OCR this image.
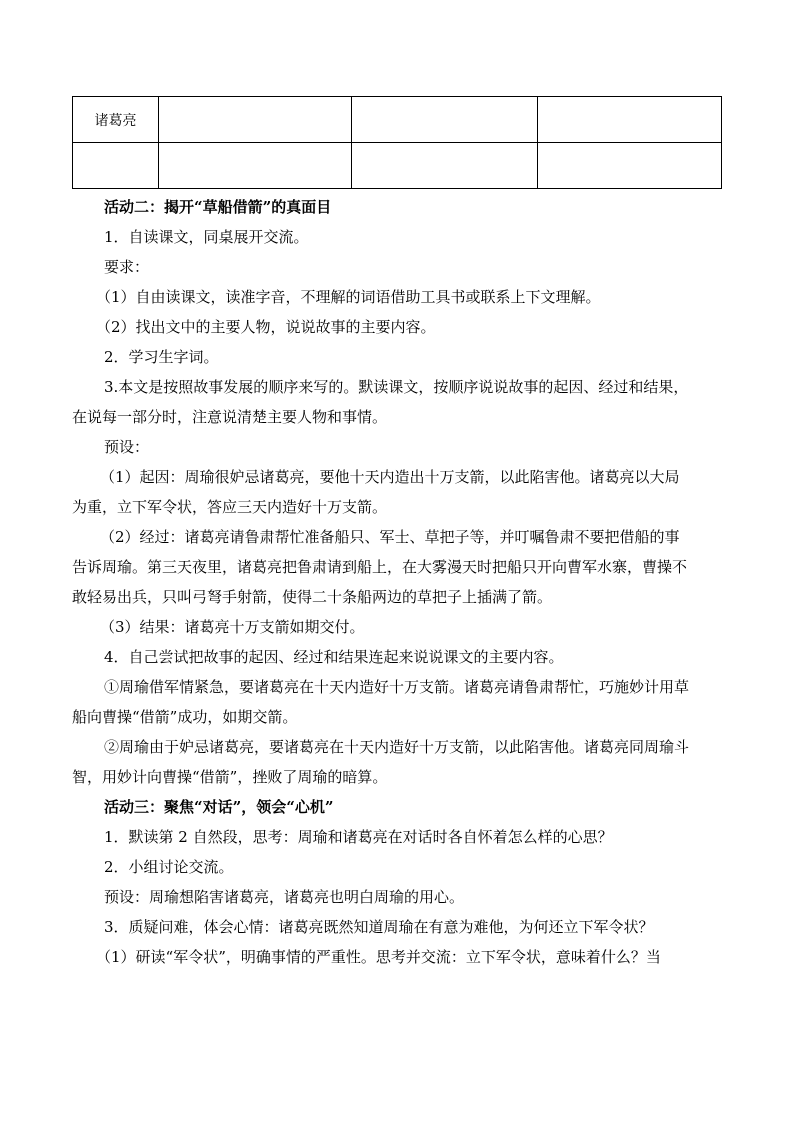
诸葛亮			

活动二：揭开“草船借箭”的真面目

1．自读课文，同桌展开交流。

要求：

（1）自由读课文，读准字音，不理解的词语借助工具书或联系上下文理解。

（2）找出文中的主要人物，说说故事的主要内容。

2．学习生字词。

3.本文是按照故事发展的顺序来写的。默读课文，按顺序说说故事的起因、经过和结果，

在说每一部分时，注意说清楚主要人物和事情。

预设：

（1）起因：周瑜很妒忌诸葛亮，要他十天内造出十万支箭，以此陷害他。诸葛亮以大局

为重，立下军令状，答应三天内造好十万支箭。

（2）经过：诸葛亮请鲁肃帮忙准备船只、军士、草把子等，并叮嘱鲁肃不要把借船的事

告诉周瑜。第三天夜里，诸葛亮把鲁肃请到船上，在大雾漫天时把船只开向曹军水寨，曹操不

敢轻易出兵，只叫弓弩手射箭，使得二十条船两边的草把子上插满了箭。

（3）结果：诸葛亮十万支箭如期交付。

4．自己尝试把故事的起因、经过和结果连起来说说课文的主要内容。

①周瑜借军情紧急，要诸葛亮在十天内造好十万支箭。诸葛亮请鲁肃帮忙，巧施妙计用草

船向曹操“借箭”成功，如期交箭。

②周瑜由于妒忌诸葛亮，要诸葛亮在十天内造好十万支箭，以此陷害他。诸葛亮同周瑜斗

智，用妙计向曹操“借箭”，挫败了周瑜的暗算。

活动三：聚焦“对话”，领会“心机”

1．默读第 2 自然段，思考：周瑜和诸葛亮在对话时各自怀着怎么样的心思？

2．小组讨论交流。

预设：周瑜想陷害诸葛亮，诸葛亮也明白周瑜的用心。

3．质疑问难，体会心情：诸葛亮既然知道周瑜在有意为难他，为何还立下军令状？

（1）研读“军令状”，明确事情的严重性。思考并交流：立下军令状，意味着什么？当
